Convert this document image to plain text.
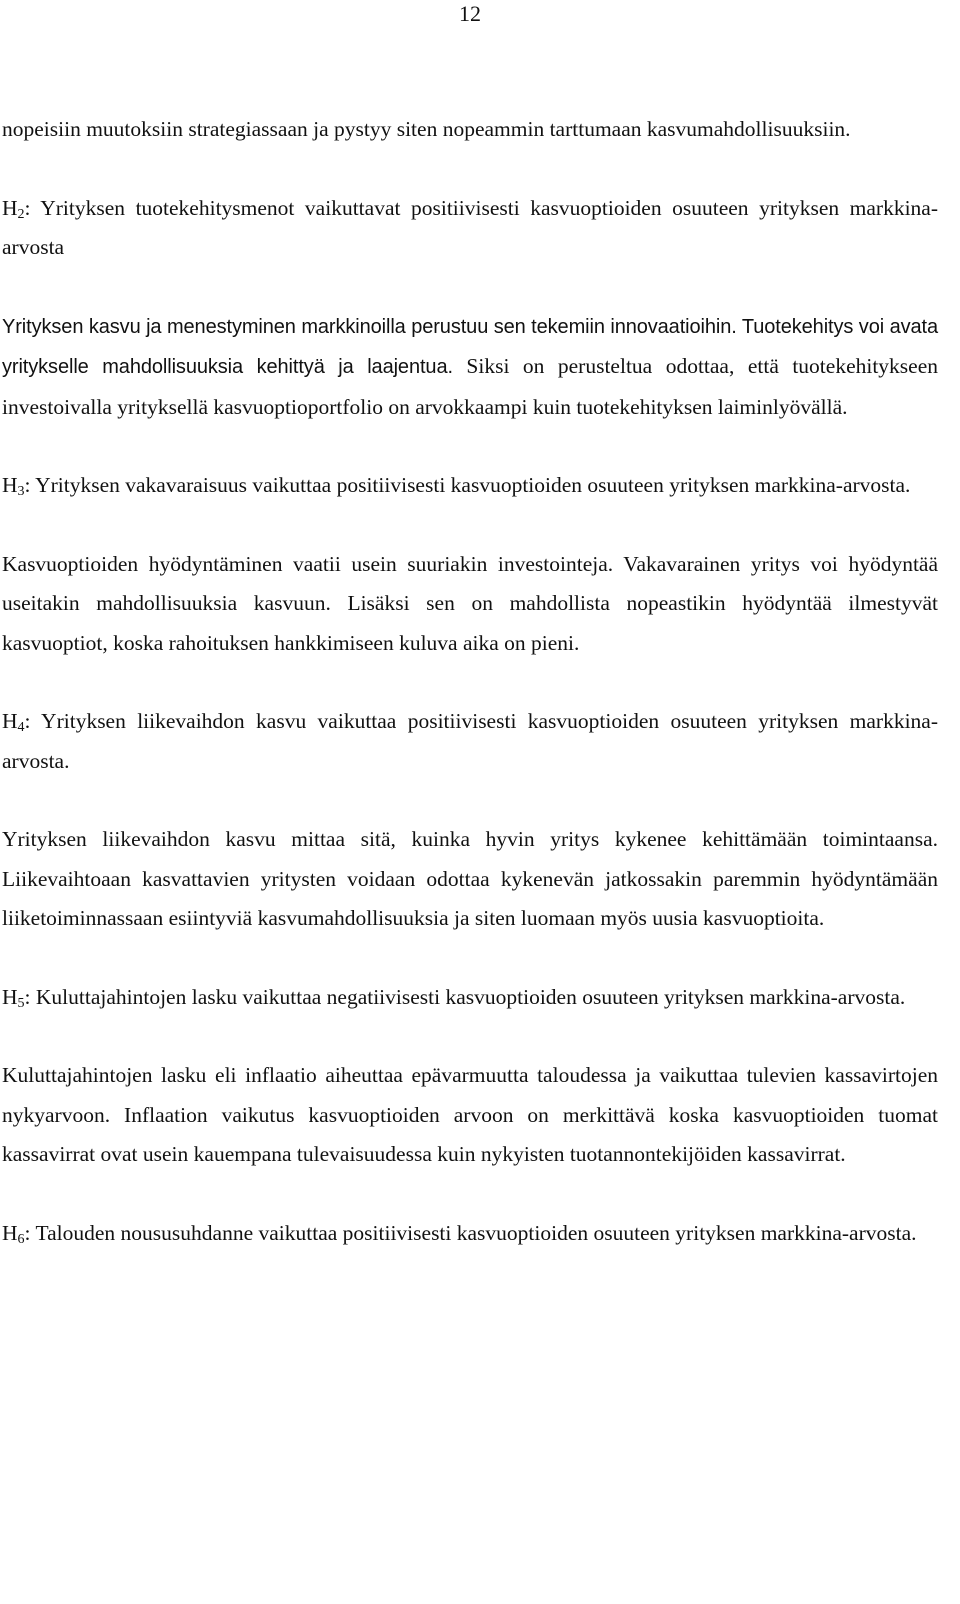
12

nopeisiin muutoksiin strategiassaan ja pystyy siten nopeammin tarttumaan kasvumahdollisuuksiin.

$H_2$: Yrityksen tuotekehitysmenot vaikuttavat positiivisesti kasvuoptioiden osuuteen yrityksen markkina-arvosta

Yrityksen kasvu ja menestyminen markkinoilla perustuu sen tekemiin innovaatioihin. Tuotekehitys voi avata yritykselle mahdollisuuksia kehittyä ja laajentua. Siksi on perusteltua odottaa, että tuotekehitykseen investoivalla yrityksellä kasvuoptioportfolio on arvokkaampi kuin tuotekehityksen laiminlyövällä.

$H_3$: Yrityksen vakavaraisuus vaikuttaa positiivisesti kasvuoptioiden osuuteen yrityksen markkina-arvosta.

Kasvuoptioiden hyödyntäminen vaatii usein suuriakin investointeja. Vakavarainen yritys voi hyödyntää useitakin mahdollisuuksia kasvuun. Lisäksi sen on mahdollista nopeastikin hyödyntää ilmestyvät kasvuoptiot, koska rahoituksen hankkimiseen kuluva aika on pieni.

$H_4$: Yrityksen liikevaihdon kasvu vaikuttaa positiivisesti kasvuoptioiden osuuteen yrityksen markkina-arvosta.

Yrityksen liikevaihdon kasvu mittaa sitä, kuinka hyvin yritys kykenee kehittämään toimintaansa. Liikevaihtoaan kasvattavien yritysten voidaan odottaa kykenevän jatkossakin paremmin hyödyntämään liiketoiminnassaan esiintyviä kasvumahdollisuuksia ja siten luomaan myös uusia kasvuoptioita.

$H_5$: Kuluttajahintojen lasku vaikuttaa negatiivisesti kasvuoptioiden osuuteen yrityksen markkina-arvosta.

Kuluttajahintojen lasku eli inflaatio aiheuttaa epävarmuutta taloudessa ja vaikuttaa tulevien kassavirtojen nykyarvoon. Inflaation vaikutus kasvuoptioiden arvoon on merkittävä koska kasvuoptioiden tuomat kassavirrat ovat usein kauempana tulevaisuudessa kuin nykyisten tuotannontekijöiden kassavirrat.

$H_6$: Talouden noususuhdanne vaikuttaa positiivisesti kasvuoptioiden osuuteen yrityksen markkina-arvosta.
